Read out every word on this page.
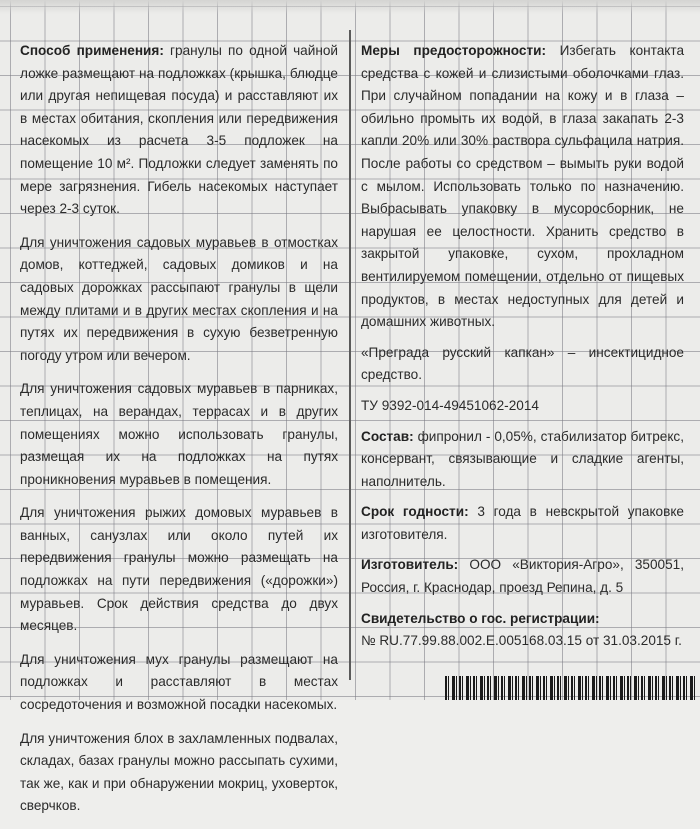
Способ применения: гранулы по одной чайной ложке размещают на подложках (крышка, блюдце или другая непищевая посуда) и расставляют их в местах обитания, скопления или передвижения насекомых из расчета 3-5 подложек на помещение 10 м². Подложки следует заменять по мере загрязнения. Гибель насекомых наступает через 2-3 суток.

Для уничтожения садовых муравьев в отмостках домов, коттеджей, садовых домиков и на садовых дорожках рассыпают гранулы в щели между плитами и в других местах скопления и на путях их передвижения в сухую безветренную погоду утром или вечером.

Для уничтожения садовых муравьев в парниках, теплицах, на верандах, террасах и в других помещениях можно использовать гранулы, размещая их на подложках на путях проникновения муравьев в помещения.

Для уничтожения рыжих домовых муравьев в ванных, санузлах или около путей их передвижения гранулы можно размещать на подложках на пути передвижения («дорожки») муравьев. Срок действия средства до двух месяцев.

Для уничтожения мух гранулы размещают на подложках и расставляют в местах сосредоточения и возможной посадки насекомых.

Для уничтожения блох в захламленных подвалах, складах, базах гранулы можно рассыпать сухими, так же, как и при обнаружении мокриц, уховерток, сверчков.

Меры предосторожности: Избегать контакта средства с кожей и слизистыми оболочками глаз. При случайном попадании на кожу и в глаза – обильно промыть их водой, в глаза закапать 2-3 капли 20% или 30% раствора сульфацила натрия. После работы со средством – вымыть руки водой с мылом. Использовать только по назначению. Выбрасывать упаковку в мусоросборник, не нарушая ее целостности. Хранить средство в закрытой упаковке, сухом, прохладном вентилируемом помещении, отдельно от пищевых продуктов, в местах недоступных для детей и домашних животных.

«Преграда русский капкан» – инсектицидное средство.

ТУ 9392-014-49451062-2014

Состав: фипронил - 0,05%, стабилизатор битрекс, консервант, связывающие и сладкие агенты, наполнитель.

Срок годности: 3 года в невскрытой упаковке изготовителя.

Изготовитель: ООО «Виктория-Агро», 350051, Россия, г. Краснодар, проезд Репина, д. 5

Свидетельство о гос. регистрации:
№ RU.77.99.88.002.Е.005168.03.15 от 31.03.2015 г.
